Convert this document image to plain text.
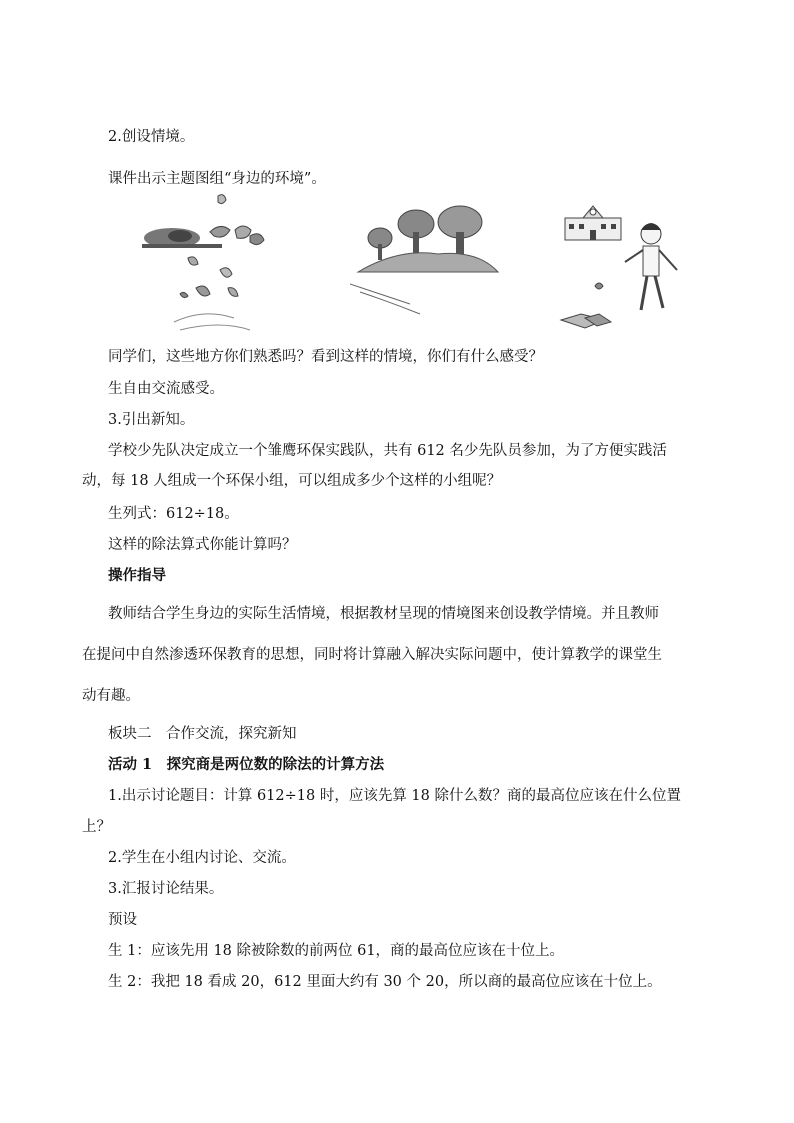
2.创设情境。
课件出示主题图组“身边的环境”。
同学们，这些地方你们熟悉吗？看到这样的情境，你们有什么感受？
生自由交流感受。
3.引出新知。
学校少先队决定成立一个雏鹰环保实践队，共有 612 名少先队员参加，为了方便实践活
动，每 18 人组成一个环保小组，可以组成多少个这样的小组呢？
生列式：612÷18。
这样的除法算式你能计算吗？
操作指导
教师结合学生身边的实际生活情境，根据教材呈现的情境图来创设教学情境。并且教师
在提问中自然渗透环保教育的思想，同时将计算融入解决实际问题中，使计算教学的课堂生
动有趣。
板块二　合作交流，探究新知
活动 1　探究商是两位数的除法的计算方法
1.出示讨论题目：计算 612÷18 时，应该先算 18 除什么数？商的最高位应该在什么位置
上？
2.学生在小组内讨论、交流。
3.汇报讨论结果。
预设
生 1：应该先用 18 除被除数的前两位 61，商的最高位应该在十位上。
生 2：我把 18 看成 20，612 里面大约有 30 个 20，所以商的最高位应该在十位上。
